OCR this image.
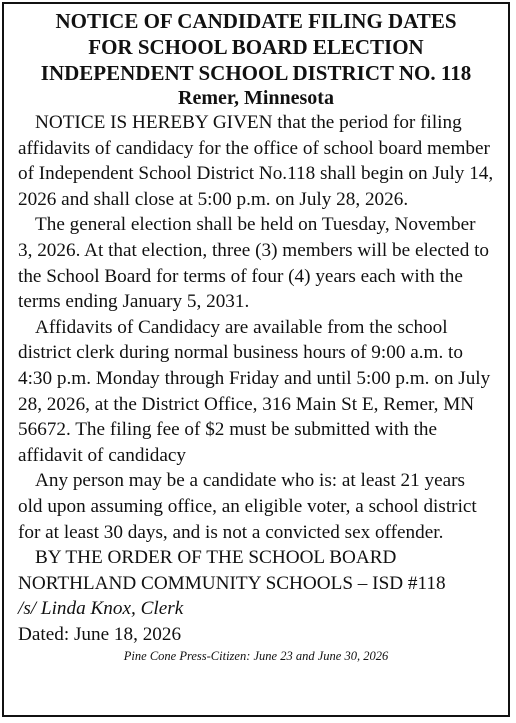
NOTICE OF CANDIDATE FILING DATES
FOR SCHOOL BOARD ELECTION
INDEPENDENT SCHOOL DISTRICT NO. 118

Remer, Minnesota

NOTICE IS HEREBY GIVEN that the period for filing affidavits of candidacy for the office of school board member of Independent School District No.118 shall begin on July 14, 2026 and shall close at 5:00 p.m. on July 28, 2026.

The general election shall be held on Tuesday, November 3, 2026. At that election, three (3) members will be elected to the School Board for terms of four (4) years each with the terms ending January 5, 2031.

Affidavits of Candidacy are available from the school district clerk during normal business hours of 9:00 a.m. to 4:30 p.m. Monday through Friday and until 5:00 p.m. on July 28, 2026, at the District Office, 316 Main St E, Remer, MN 56672. The filing fee of $2 must be submitted with the affidavit of candidacy

Any person may be a candidate who is: at least 21 years old upon assuming office, an eligible voter, a school district for at least 30 days, and is not a convicted sex offender.

BY THE ORDER OF THE SCHOOL BOARD

NORTHLAND COMMUNITY SCHOOLS – ISD #118

/s/ Linda Knox, Clerk

Dated: June 18, 2026

Pine Cone Press-Citizen: June 23 and June 30, 2026
